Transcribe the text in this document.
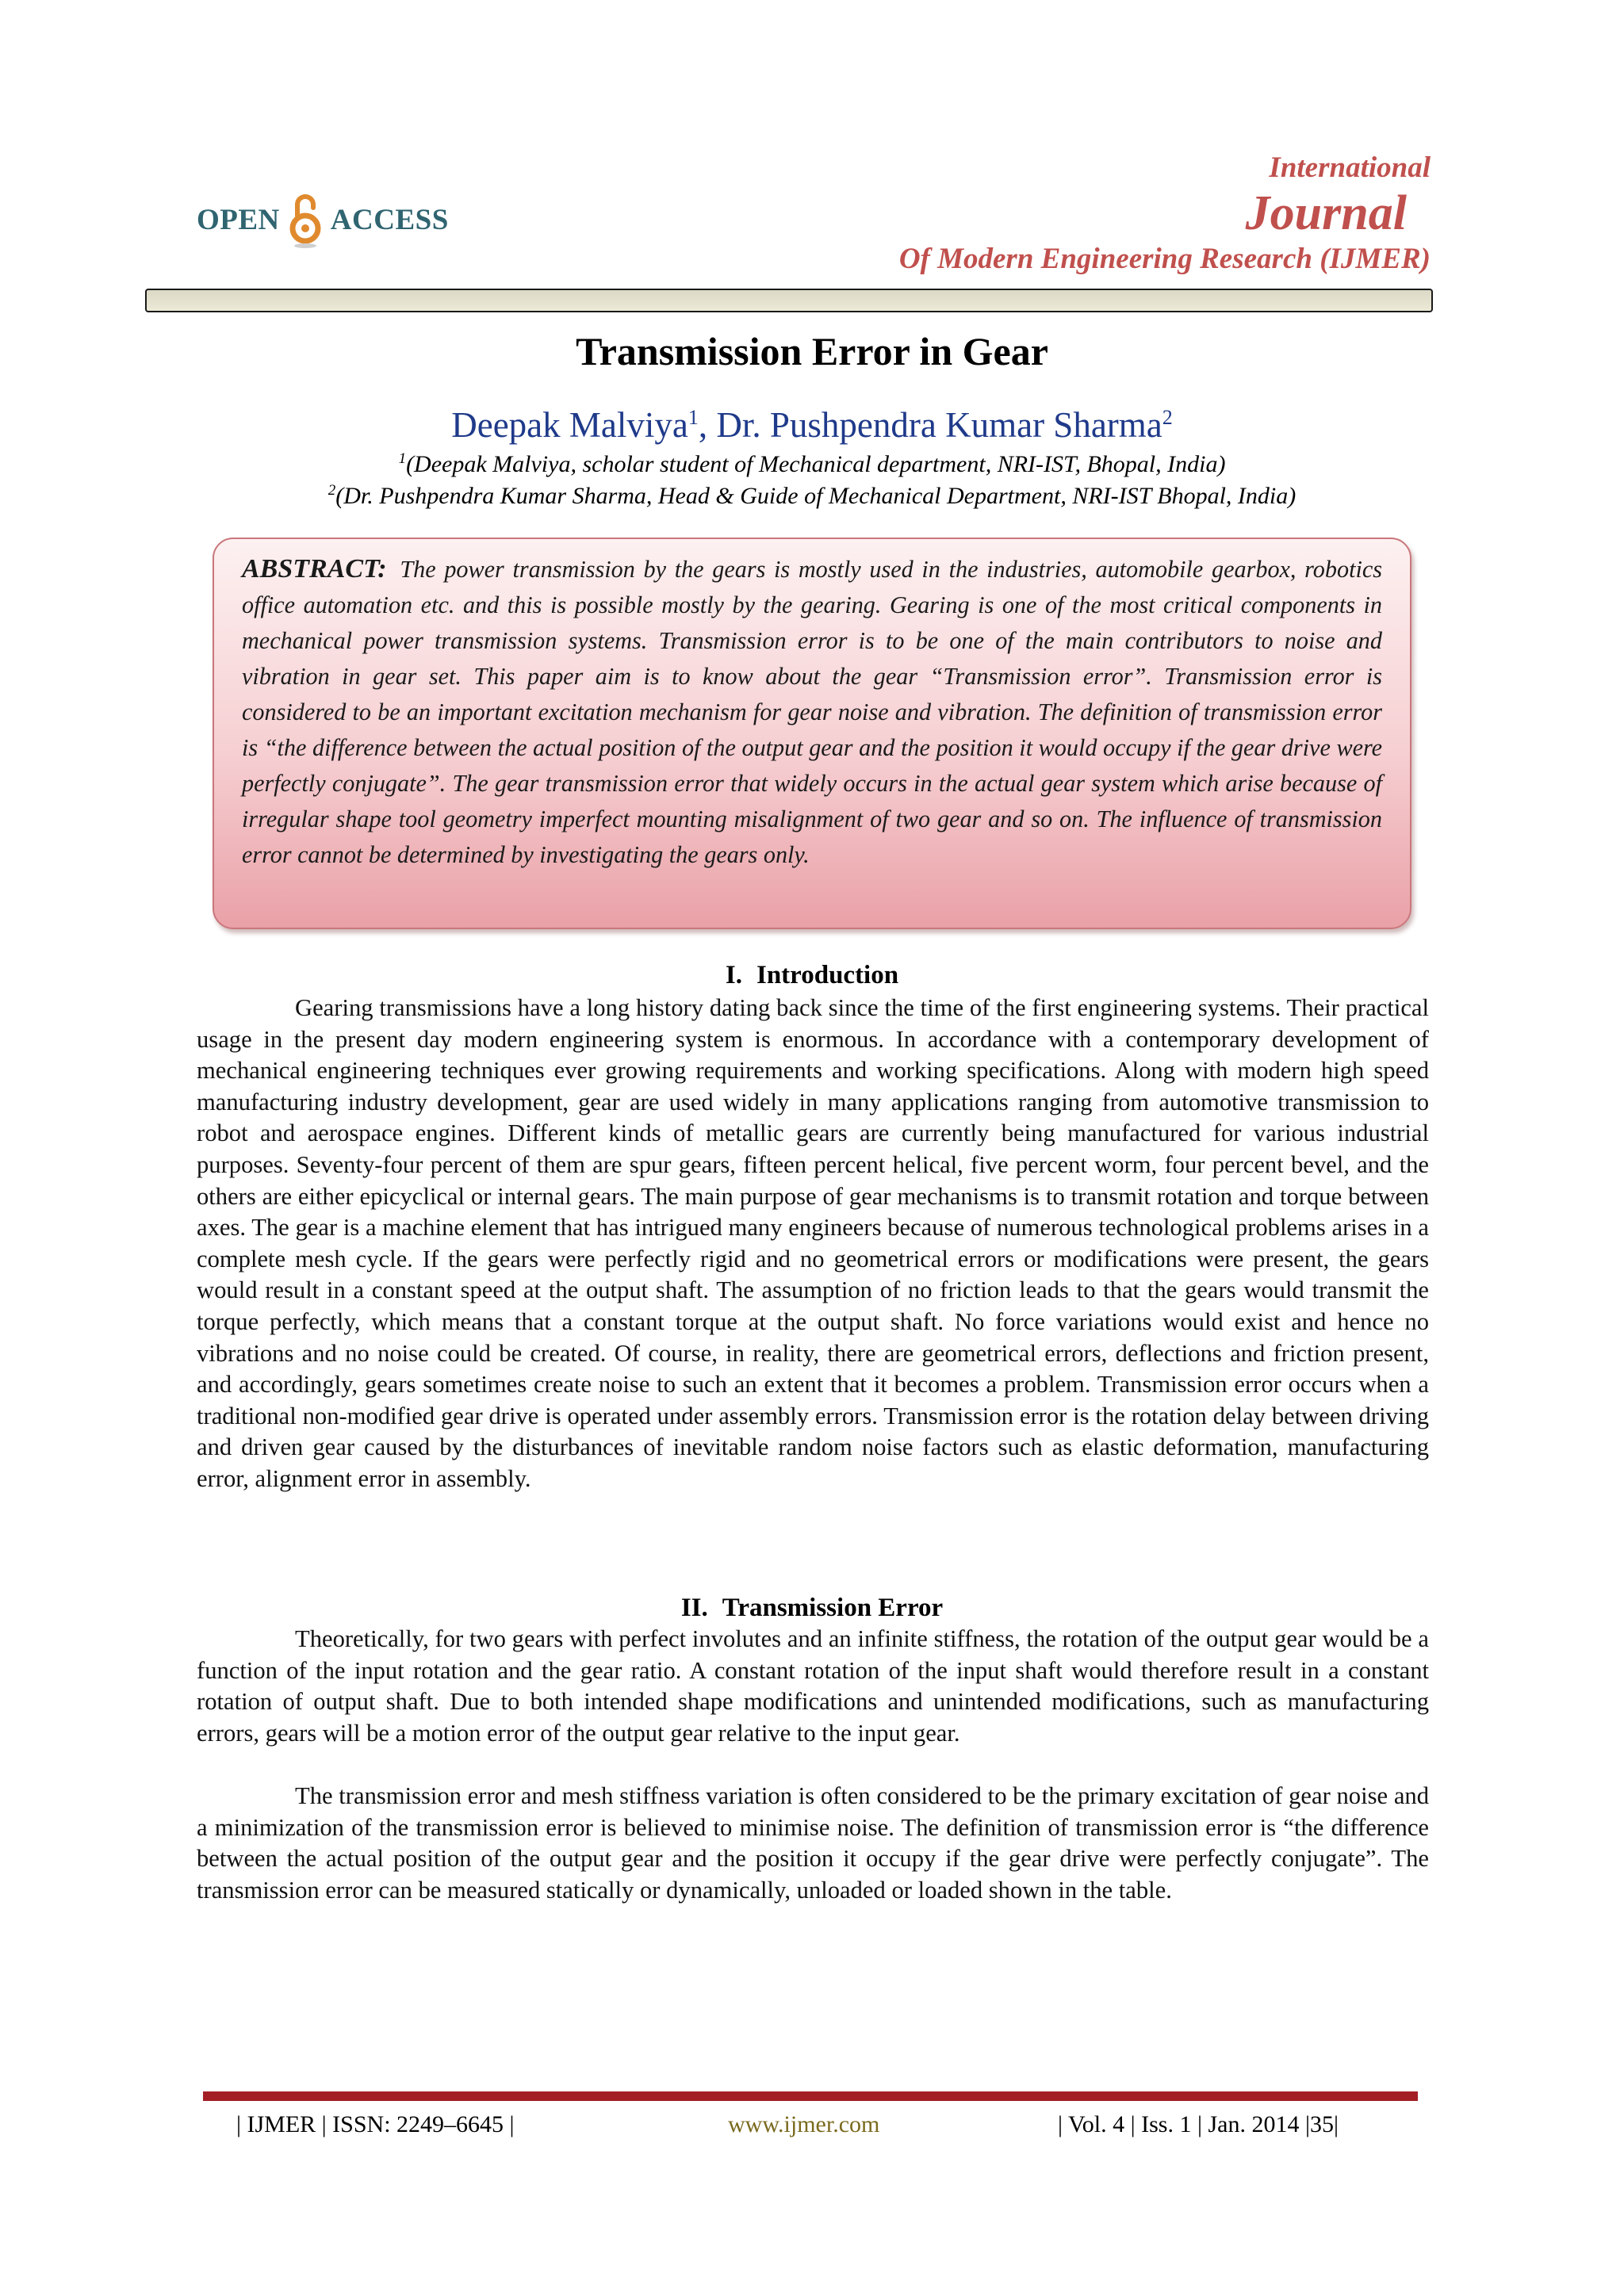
OPEN ACCESS
International
Journal
Of Modern Engineering Research (IJMER)
Transmission Error in Gear
Deepak Malviya$^1$, Dr. Pushpendra Kumar Sharma$^2$
$^1$(Deepak Malviya, scholar student of Mechanical department, NRI-IST, Bhopal, India)
$^2$(Dr. Pushpendra Kumar Sharma, Head & Guide of Mechanical Department, NRI-IST Bhopal, India)

ABSTRACT: The power transmission by the gears is mostly used in the industries, automobile gearbox, robotics office automation etc. and this is possible mostly by the gearing. Gearing is one of the most critical components in mechanical power transmission systems. Transmission error is to be one of the main contributors to noise and vibration in gear set. This paper aim is to know about the gear “Transmission error”. Transmission error is considered to be an important excitation mechanism for gear noise and vibration. The definition of transmission error is “the difference between the actual position of the output gear and the position it would occupy if the gear drive were perfectly conjugate”. The gear transmission error that widely occurs in the actual gear system which arise because of irregular shape tool geometry imperfect mounting misalignment of two gear and so on. The influence of transmission error cannot be determined by investigating the gears only.

I. Introduction

Gearing transmissions have a long history dating back since the time of the first engineering systems. Their practical usage in the present day modern engineering system is enormous. In accordance with a contemporary development of mechanical engineering techniques ever growing requirements and working specifications. Along with modern high speed manufacturing industry development, gear are used widely in many applications ranging from automotive transmission to robot and aerospace engines. Different kinds of metallic gears are currently being manufactured for various industrial purposes. Seventy-four percent of them are spur gears, fifteen percent helical, five percent worm, four percent bevel, and the others are either epicyclical or internal gears. The main purpose of gear mechanisms is to transmit rotation and torque between axes. The gear is a machine element that has intrigued many engineers because of numerous technological problems arises in a complete mesh cycle. If the gears were perfectly rigid and no geometrical errors or modifications were present, the gears would result in a constant speed at the output shaft. The assumption of no friction leads to that the gears would transmit the torque perfectly, which means that a constant torque at the output shaft. No force variations would exist and hence no vibrations and no noise could be created. Of course, in reality, there are geometrical errors, deflections and friction present, and accordingly, gears sometimes create noise to such an extent that it becomes a problem. Transmission error occurs when a traditional non-modified gear drive is operated under assembly errors. Transmission error is the rotation delay between driving and driven gear caused by the disturbances of inevitable random noise factors such as elastic deformation, manufacturing error, alignment error in assembly.

II. Transmission Error

Theoretically, for two gears with perfect involutes and an infinite stiffness, the rotation of the output gear would be a function of the input rotation and the gear ratio. A constant rotation of the input shaft would therefore result in a constant rotation of output shaft. Due to both intended shape modifications and unintended modifications, such as manufacturing errors, gears will be a motion error of the output gear relative to the input gear.

The transmission error and mesh stiffness variation is often considered to be the primary excitation of gear noise and a minimization of the transmission error is believed to minimise noise. The definition of transmission error is “the difference between the actual position of the output gear and the position it occupy if the gear drive were perfectly conjugate”. The transmission error can be measured statically or dynamically, unloaded or loaded shown in the table.

| IJMER | ISSN: 2249–6645 |	www.ijmer.com	| Vol. 4 | Iss. 1 | Jan. 2014 |35|
